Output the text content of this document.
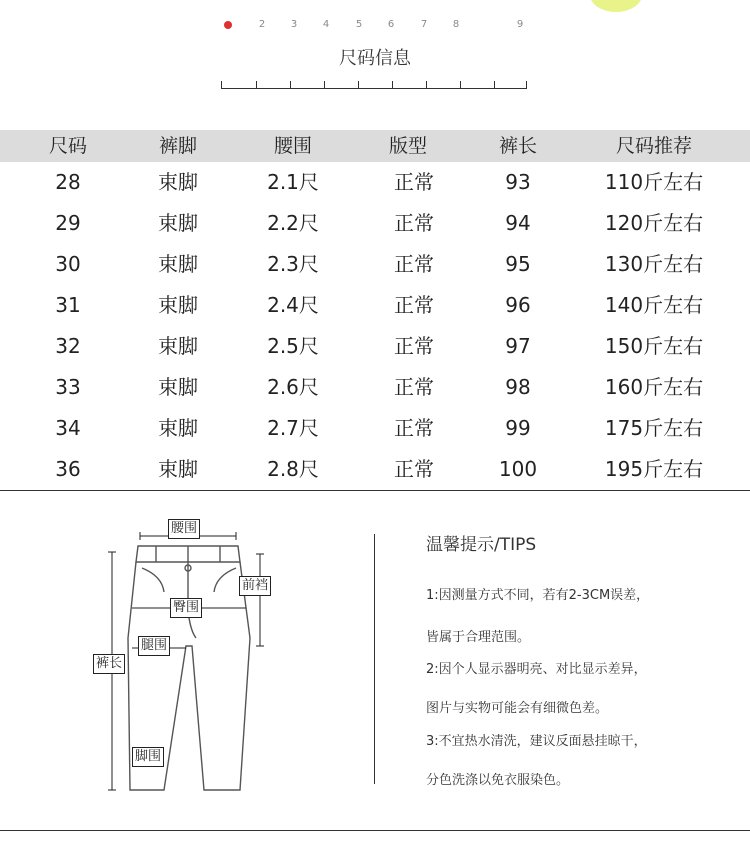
2	3	4	5	6	7	8	9
尺码信息
尺码	裤脚	腰围	版型	裤长	尺码推荐
28	束脚	2.1尺	正常	93	110斤左右
29	束脚	2.2尺	正常	94	120斤左右
30	束脚	2.3尺	正常	95	130斤左右
31	束脚	2.4尺	正常	96	140斤左右
32	束脚	2.5尺	正常	97	150斤左右
33	束脚	2.6尺	正常	98	160斤左右
34	束脚	2.7尺	正常	99	175斤左右
36	束脚	2.8尺	正常	100	195斤左右
腰围
前裆
臀围
腿围
裤长
脚围
温馨提示/TIPS
1:因测量方式不同，若有2-3CM误差，
皆属于合理范围。
2:因个人显示器明亮、对比显示差异，
图片与实物可能会有细微色差。
3:不宜热水清洗，建议反面悬挂晾干，
分色洗涤以免衣服染色。
